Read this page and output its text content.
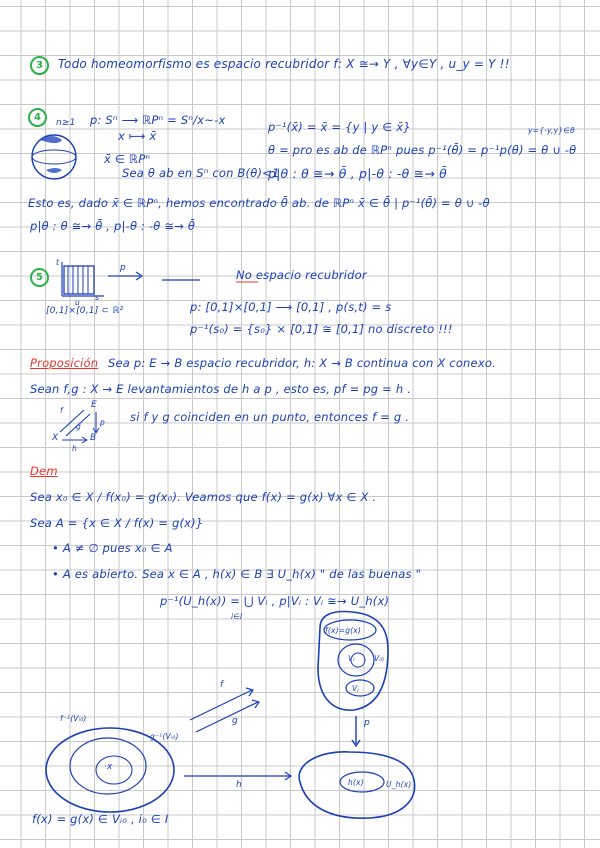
3	Todo homeomorfismo es espacio recubridor f: X ≅→ Y , ∀y∈Y , u_y = Y !!
4	n≥1 p: Sⁿ ⟶ ℝPⁿ = Sⁿ/x~-x
x ⟼ x̄
p⁻¹(x̄) = x̄ = {y | y ∈ x̄}	y={-y,y}∈θ
x̄ ∈ ℝPⁿ
θ = pro es ab de ℝPⁿ pues p⁻¹(θ̄) = p⁻¹p(θ) = θ ∪ -θ
Sea θ ab en Sⁿ con B(θ)<1
p|θ : θ ≅→ θ̄ , p|-θ : -θ ≅→ θ̄
Esto es, dado x̄ ∈ ℝPⁿ, hemos encontrado θ̄ ab. de ℝPⁿ x̄ ∈ θ̄ | p⁻¹(θ̄) = θ ∪ -θ
p|θ : θ ≅→ θ̄ , p|-θ : -θ ≅→ θ̄
5
t
u
s
p	No espacio recubridor
[0,1]×[0,1] ⊂ ℝ²	p: [0,1]×[0,1] ⟶ [0,1] , p(s,t) = s
p⁻¹(s₀) = {s₀} × [0,1] ≅ [0,1] no discreto !!!
Proposición Sea p: E → B espacio recubridor, h: X → B continua con X conexo.
Sean f,g : X → E levantamientos de h a p , esto es, pf = pg = h .
si f y g coinciden en un punto, entonces f = g .
E
X	B
f
g	p
h
Dem
Sea x₀ ∈ X / f(x₀) = g(x₀). Veamos que f(x) = g(x) ∀x ∈ X .
Sea A = {x ∈ X / f(x) = g(x)}
• A ≠ ∅ pues x₀ ∈ A
• A es abierto. Sea x ∈ A , h(x) ∈ B ∃ U_h(x) " de las buenas "
p⁻¹(U_h(x)) = ⋃ Vᵢ , p|Vᵢ : Vᵢ ≅→ U_h(x)
i∈I
f(x)=g(x)
Vᵢ	Vᵢ₀
Vⱼ
p
h(x)	U_h(x)
f
g
h
f⁻¹(Vᵢ₀)
g⁻¹(Vᵢ₀)
·x
f(x) = g(x) ∈ Vᵢ₀ , i₀ ∈ I
